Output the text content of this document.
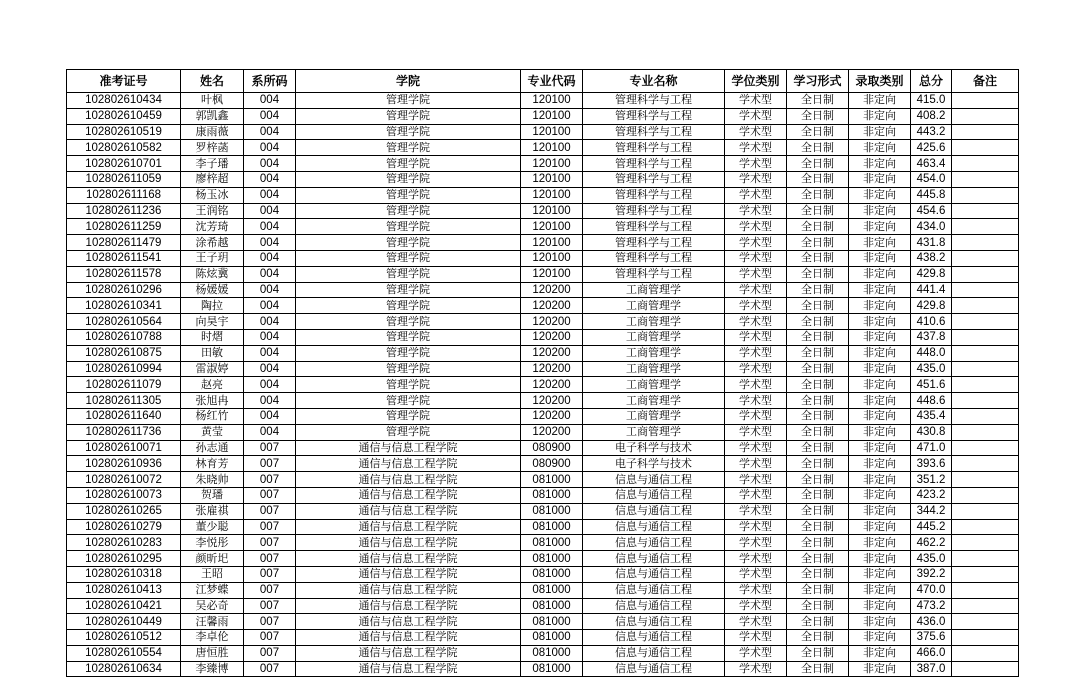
准考证号	姓名	系所码	学院	专业代码	专业名称	学位类别	学习形式	录取类别	总分	备注
102802610434	叶枫	004	管理学院	120100	管理科学与工程	学术型	全日制	非定向	415.0	
102802610459	郭凯鑫	004	管理学院	120100	管理科学与工程	学术型	全日制	非定向	408.2	
102802610519	康雨薇	004	管理学院	120100	管理科学与工程	学术型	全日制	非定向	443.2	
102802610582	罗梓菡	004	管理学院	120100	管理科学与工程	学术型	全日制	非定向	425.6	
102802610701	李子璠	004	管理学院	120100	管理科学与工程	学术型	全日制	非定向	463.4	
102802611059	廖梓超	004	管理学院	120100	管理科学与工程	学术型	全日制	非定向	454.0	
102802611168	杨玉冰	004	管理学院	120100	管理科学与工程	学术型	全日制	非定向	445.8	
102802611236	王润铭	004	管理学院	120100	管理科学与工程	学术型	全日制	非定向	454.6	
102802611259	沈芳琦	004	管理学院	120100	管理科学与工程	学术型	全日制	非定向	434.0	
102802611479	涂希越	004	管理学院	120100	管理科学与工程	学术型	全日制	非定向	431.8	
102802611541	王子玥	004	管理学院	120100	管理科学与工程	学术型	全日制	非定向	438.2	
102802611578	陈炫冀	004	管理学院	120100	管理科学与工程	学术型	全日制	非定向	429.8	
102802610296	杨媛媛	004	管理学院	120200	工商管理学	学术型	全日制	非定向	441.4	
102802610341	陶拉	004	管理学院	120200	工商管理学	学术型	全日制	非定向	429.8	
102802610564	向昊宇	004	管理学院	120200	工商管理学	学术型	全日制	非定向	410.6	
102802610788	时熠	004	管理学院	120200	工商管理学	学术型	全日制	非定向	437.8	
102802610875	田敏	004	管理学院	120200	工商管理学	学术型	全日制	非定向	448.0	
102802610994	雷淑婷	004	管理学院	120200	工商管理学	学术型	全日制	非定向	435.0	
102802611079	赵亮	004	管理学院	120200	工商管理学	学术型	全日制	非定向	451.6	
102802611305	张旭冉	004	管理学院	120200	工商管理学	学术型	全日制	非定向	448.6	
102802611640	杨红竹	004	管理学院	120200	工商管理学	学术型	全日制	非定向	435.4	
102802611736	黄莹	004	管理学院	120200	工商管理学	学术型	全日制	非定向	430.8	
102802610071	孙志通	007	通信与信息工程学院	080900	电子科学与技术	学术型	全日制	非定向	471.0	
102802610936	林育芳	007	通信与信息工程学院	080900	电子科学与技术	学术型	全日制	非定向	393.6	
102802610072	朱晓帅	007	通信与信息工程学院	081000	信息与通信工程	学术型	全日制	非定向	351.2	
102802610073	贺璠	007	通信与信息工程学院	081000	信息与通信工程	学术型	全日制	非定向	423.2	
102802610265	张雇祺	007	通信与信息工程学院	081000	信息与通信工程	学术型	全日制	非定向	344.2	
102802610279	董少聪	007	通信与信息工程学院	081000	信息与通信工程	学术型	全日制	非定向	445.2	
102802610283	李悦彤	007	通信与信息工程学院	081000	信息与通信工程	学术型	全日制	非定向	462.2	
102802610295	颜昕圯	007	通信与信息工程学院	081000	信息与通信工程	学术型	全日制	非定向	435.0	
102802610318	王昭	007	通信与信息工程学院	081000	信息与通信工程	学术型	全日制	非定向	392.2	
102802610413	江梦蝶	007	通信与信息工程学院	081000	信息与通信工程	学术型	全日制	非定向	470.0	
102802610421	吴必奇	007	通信与信息工程学院	081000	信息与通信工程	学术型	全日制	非定向	473.2	
102802610449	汪馨雨	007	通信与信息工程学院	081000	信息与通信工程	学术型	全日制	非定向	436.0	
102802610512	李卓伦	007	通信与信息工程学院	081000	信息与通信工程	学术型	全日制	非定向	375.6	
102802610554	唐恒胜	007	通信与信息工程学院	081000	信息与通信工程	学术型	全日制	非定向	466.0	
102802610634	李臻博	007	通信与信息工程学院	081000	信息与通信工程	学术型	全日制	非定向	387.0	
